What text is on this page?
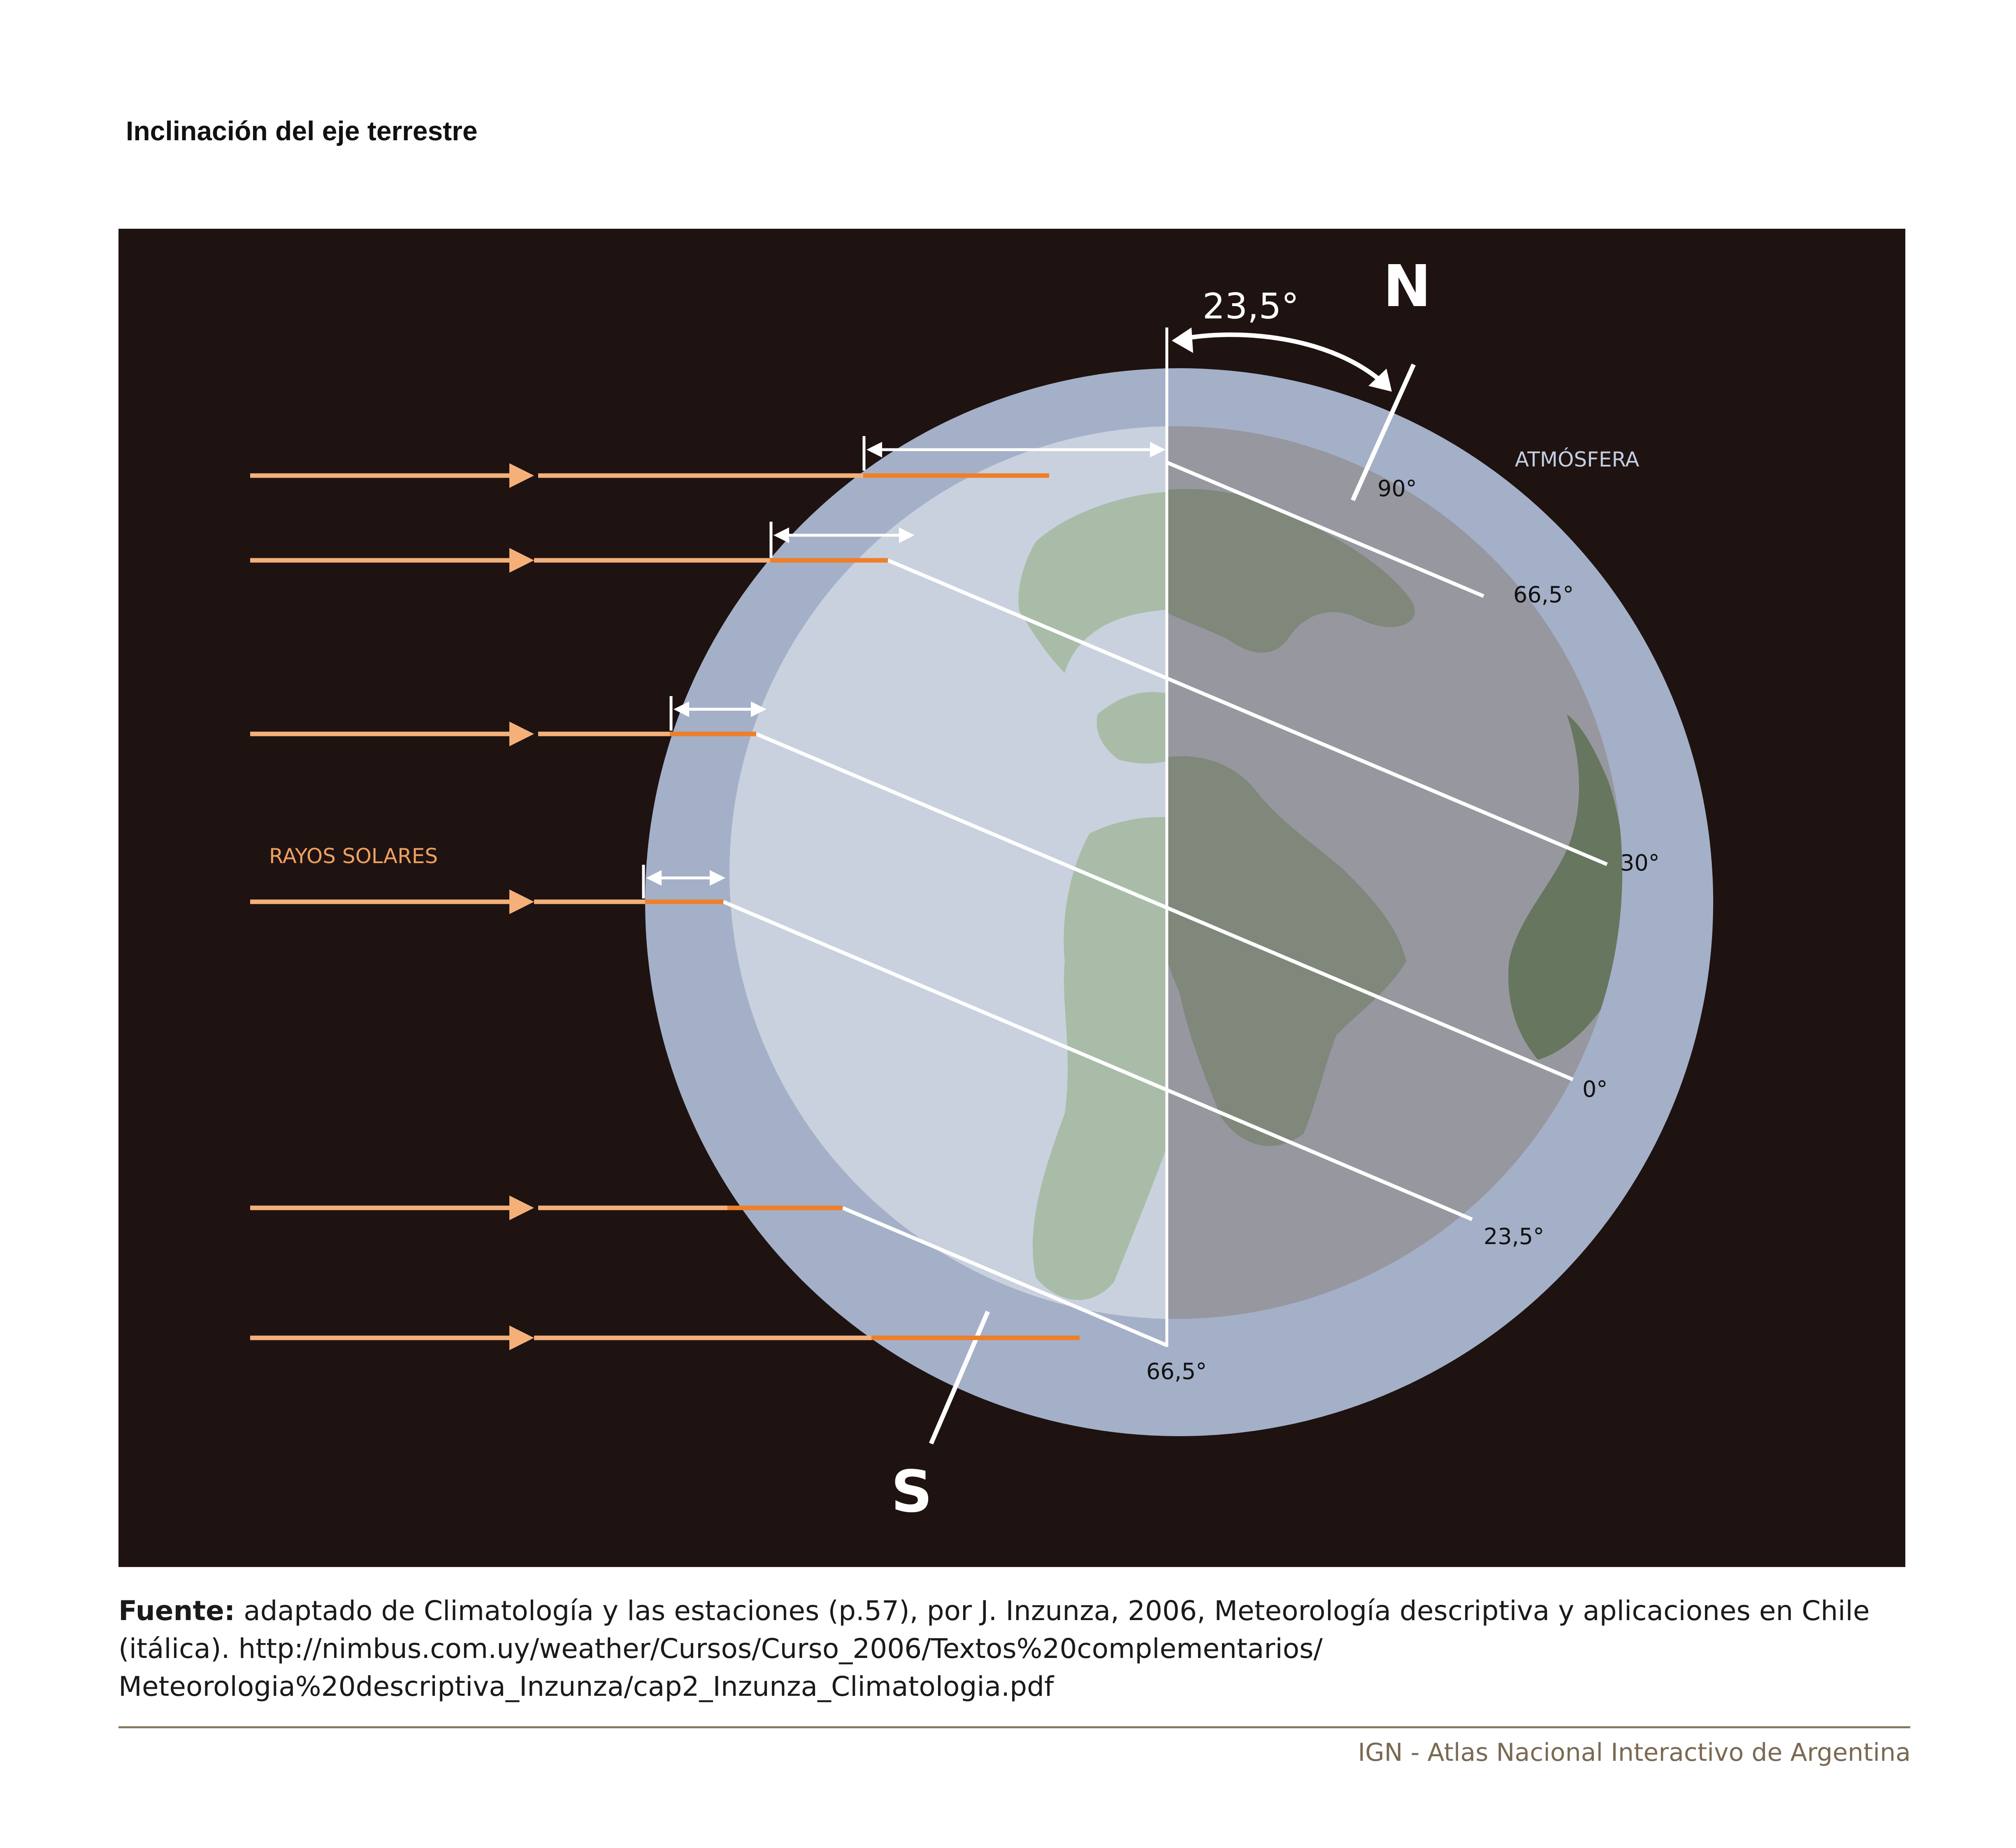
Inclinación del eje terrestre
23,5° N
S
ATMÓSFERA
RAYOS SOLARES
90°
66,5°
30°
0°
23,5°
66,5°
Fuente: adaptado de Climatología y las estaciones (p.57), por J. Inzunza, 2006, Meteorología descriptiva y aplicaciones en Chile (itálica). http://nimbus.com.uy/weather/Cursos/Curso_2006/Textos%20complementarios/ Meteorologia%20descriptiva_Inzunza/cap2_Inzunza_Climatologia.pdf
IGN - Atlas Nacional Interactivo de Argentina
